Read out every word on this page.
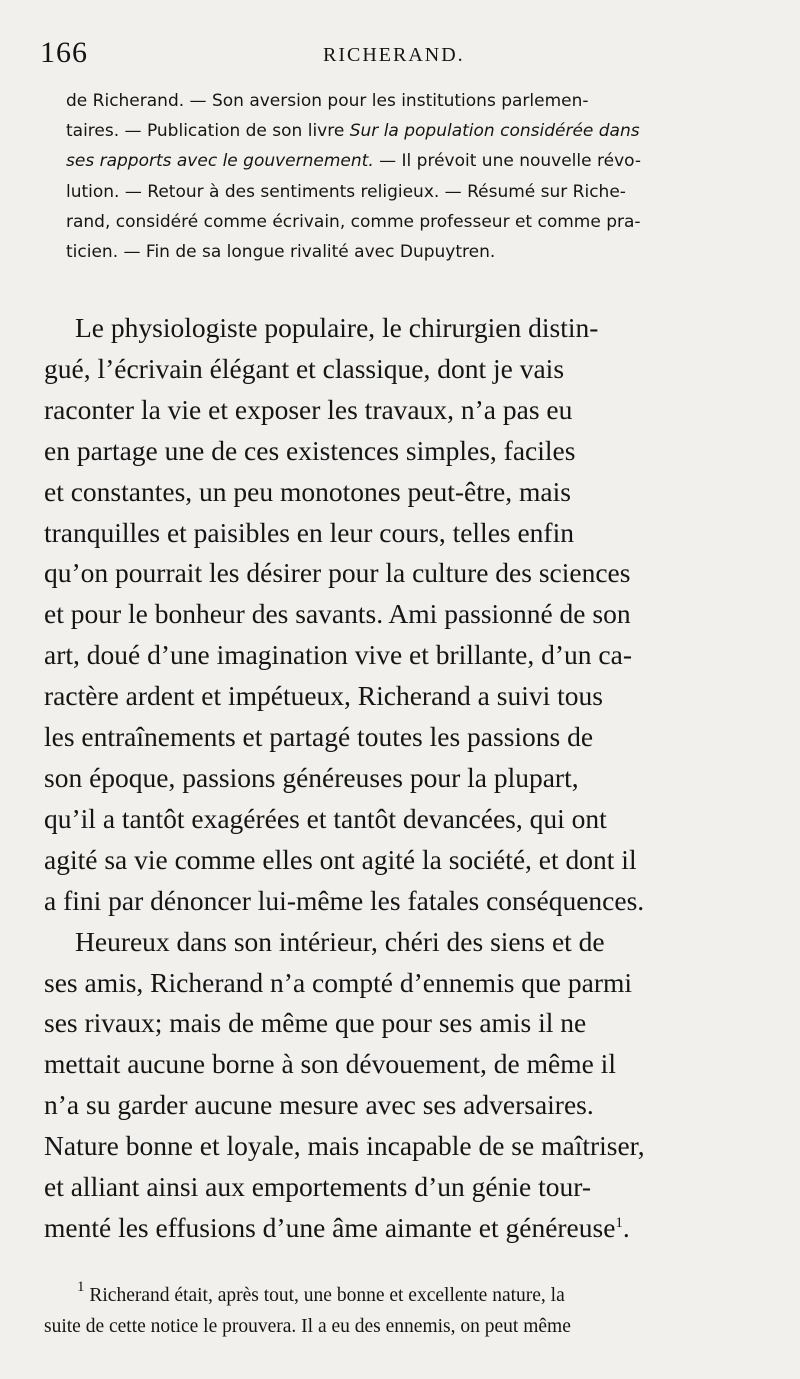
166	RICHERAND.
de Richerand. — Son aversion pour les institutions parlemen-
taires. — Publication de son livre Sur la population considérée dans
ses rapports avec le gouvernement. — Il prévoit une nouvelle révo-
lution. — Retour à des sentiments religieux. — Résumé sur Riche-
rand, considéré comme écrivain, comme professeur et comme pra-
ticien. — Fin de sa longue rivalité avec Dupuytren.
Le physiologiste populaire, le chirurgien distin-
gué, l’écrivain élégant et classique, dont je vais
raconter la vie et exposer les travaux, n’a pas eu
en partage une de ces existences simples, faciles
et constantes, un peu monotones peut-être, mais
tranquilles et paisibles en leur cours, telles enfin
qu’on pourrait les désirer pour la culture des sciences
et pour le bonheur des savants. Ami passionné de son
art, doué d’une imagination vive et brillante, d’un ca-
ractère ardent et impétueux, Richerand a suivi tous
les entraînements et partagé toutes les passions de
son époque, passions généreuses pour la plupart,
qu’il a tantôt exagérées et tantôt devancées, qui ont
agité sa vie comme elles ont agité la société, et dont il
a fini par dénoncer lui-même les fatales conséquences.
Heureux dans son intérieur, chéri des siens et de
ses amis, Richerand n’a compté d’ennemis que parmi
ses rivaux; mais de même que pour ses amis il ne
mettait aucune borne à son dévouement, de même il
n’a su garder aucune mesure avec ses adversaires.
Nature bonne et loyale, mais incapable de se maîtriser,
et alliant ainsi aux emportements d’un génie tour-
menté les effusions d’une âme aimante et généreuse$^1$.
$^1$ Richerand était, après tout, une bonne et excellente nature, la
suite de cette notice le prouvera. Il a eu des ennemis, on peut même
